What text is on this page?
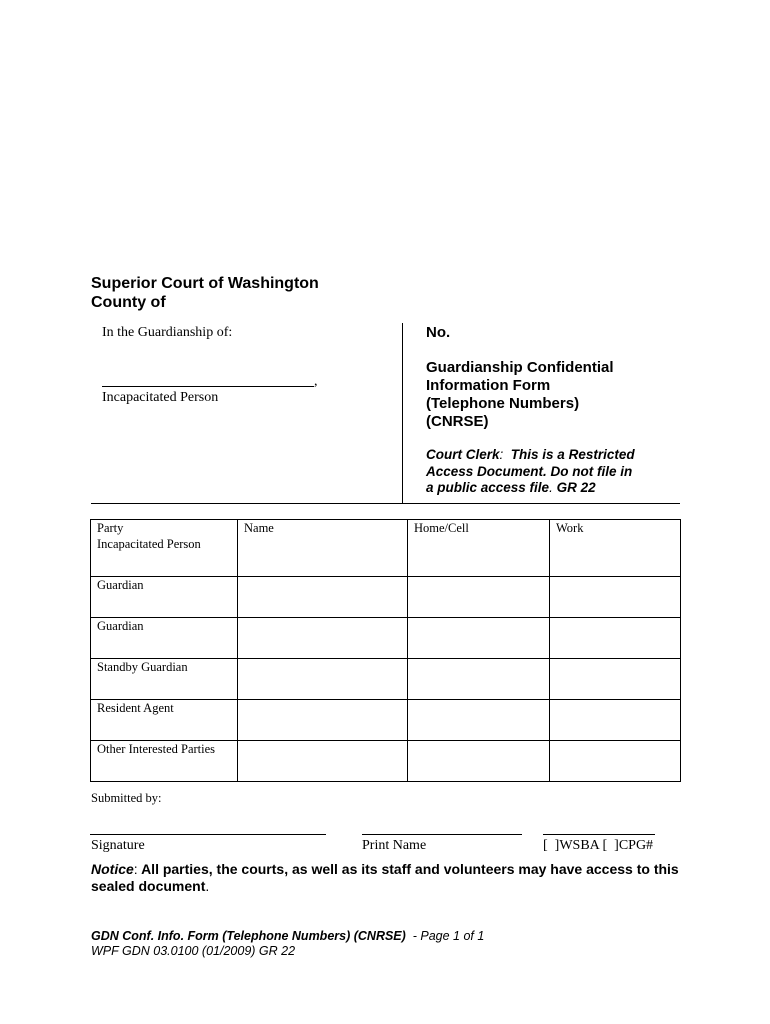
Superior Court of Washington
County of
In the Guardianship of:
,
Incapacitated Person
No.
Guardianship Confidential
Information Form
(Telephone Numbers)
(CNRSE)
Court Clerk: This is a Restricted
Access Document. Do not file in
a public access file. GR 22
Party	Name	Home/Cell	Work
Incapacitated Person			
Guardian			
Guardian			
Standby Guardian			
Resident Agent			
Other Interested Parties			
Submitted by:
Signature	Print Name	[  ]WSBA [  ]CPG#
Notice: All parties, the courts, as well as its staff and volunteers may have access to this sealed document.
GDN Conf. Info. Form (Telephone Numbers) (CNRSE)  - Page 1 of 1
WPF GDN 03.0100 (01/2009) GR 22
